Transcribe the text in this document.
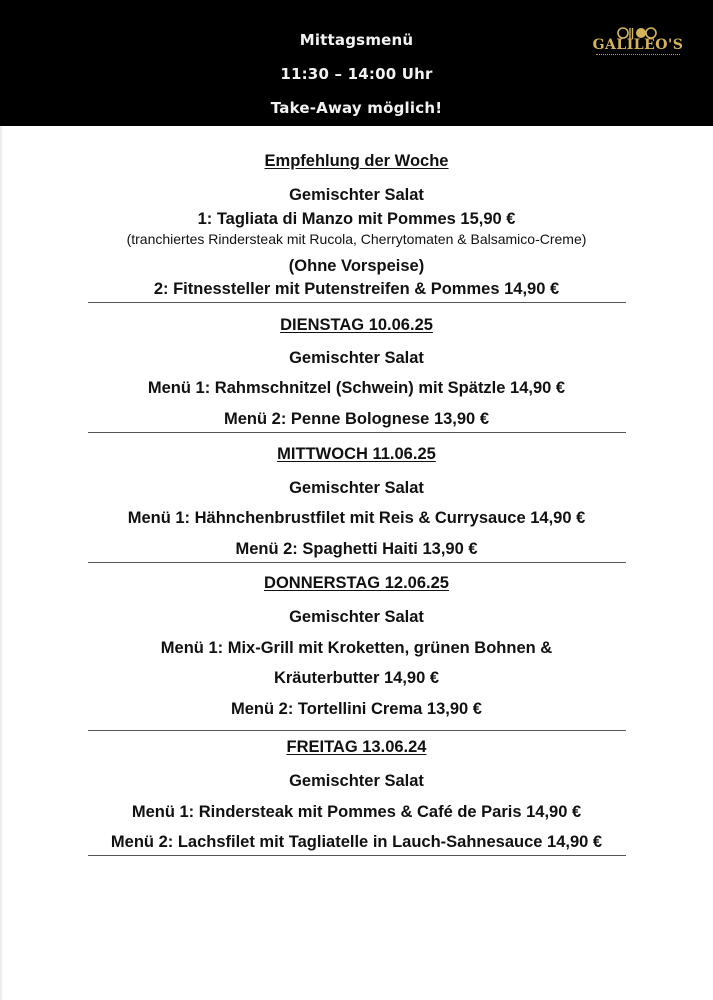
Mittagsmenü
11:30 – 14:00 Uhr
Take-Away möglich!
GALILEO'S
Empfehlung der Woche
Gemischter Salat
1: Tagliata di Manzo mit Pommes 15,90 €
(tranchiertes Rindersteak mit Rucola, Cherrytomaten & Balsamico-Creme)
(Ohne Vorspeise)
2: Fitnessteller mit Putenstreifen & Pommes 14,90 €
DIENSTAG 10.06.25
Gemischter Salat
Menü 1: Rahmschnitzel (Schwein) mit Spätzle 14,90 €
Menü 2: Penne Bolognese 13,90 €
MITTWOCH 11.06.25
Gemischter Salat
Menü 1: Hähnchenbrustfilet mit Reis & Currysauce 14,90 €
Menü 2: Spaghetti Haiti 13,90 €
DONNERSTAG 12.06.25
Gemischter Salat
Menü 1: Mix-Grill mit Kroketten, grünen Bohnen &
Kräuterbutter 14,90 €
Menü 2: Tortellini Crema 13,90 €
FREITAG 13.06.24
Gemischter Salat
Menü 1: Rindersteak mit Pommes & Café de Paris 14,90 €
Menü 2: Lachsfilet mit Tagliatelle in Lauch-Sahnesauce 14,90 €
